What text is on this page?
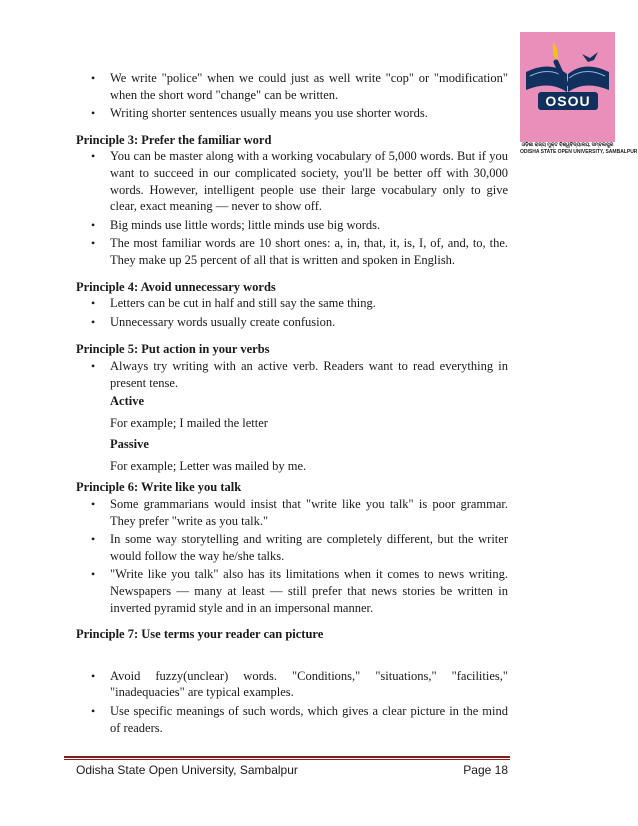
OSOU
ଓଡ଼ିଶା ରାଜ୍ୟ ମୁକ୍ତ ବିଶ୍ୱବିଦ୍ୟାଳୟ, ସମ୍ବଲପୁର
ODISHA STATE OPEN UNIVERSITY, SAMBALPUR
• We write "police" when we could just as well write "cop" or "modification" when the short word "change" can be written.
• Writing shorter sentences usually means you use shorter words.

Principle 3: Prefer the familiar word

• You can be master along with a working vocabulary of 5,000 words. But if you want to succeed in our complicated society, you'll be better off with 30,000 words. However, intelligent people use their large vocabulary only to give clear, exact meaning — never to show off.
• Big minds use little words; little minds use big words.
• The most familiar words are 10 short ones: a, in, that, it, is, I, of, and, to, the. They make up 25 percent of all that is written and spoken in English.

Principle 4: Avoid unnecessary words

• Letters can be cut in half and still say the same thing.
• Unnecessary words usually create confusion.

Principle 5: Put action in your verbs

• Always try writing with an active verb. Readers want to read everything in present tense.

Active

For example; I mailed the letter

Passive

For example; Letter was mailed by me.

Principle 6: Write like you talk

• Some grammarians would insist that "write like you talk" is poor grammar. They prefer "write as you talk."
• In some way storytelling and writing are completely different, but the writer would follow the way he/she talks.
• "Write like you talk" also has its limitations when it comes to news writing. Newspapers — many at least — still prefer that news stories be written in inverted pyramid style and in an impersonal manner.

Principle 7: Use terms your reader can picture

• Avoid fuzzy(unclear) words. "Conditions," "situations," "facilities," "inadequacies" are typical examples.
• Use specific meanings of such words, which gives a clear picture in the mind of readers.
Odisha State Open University, Sambalpur	Page 18
